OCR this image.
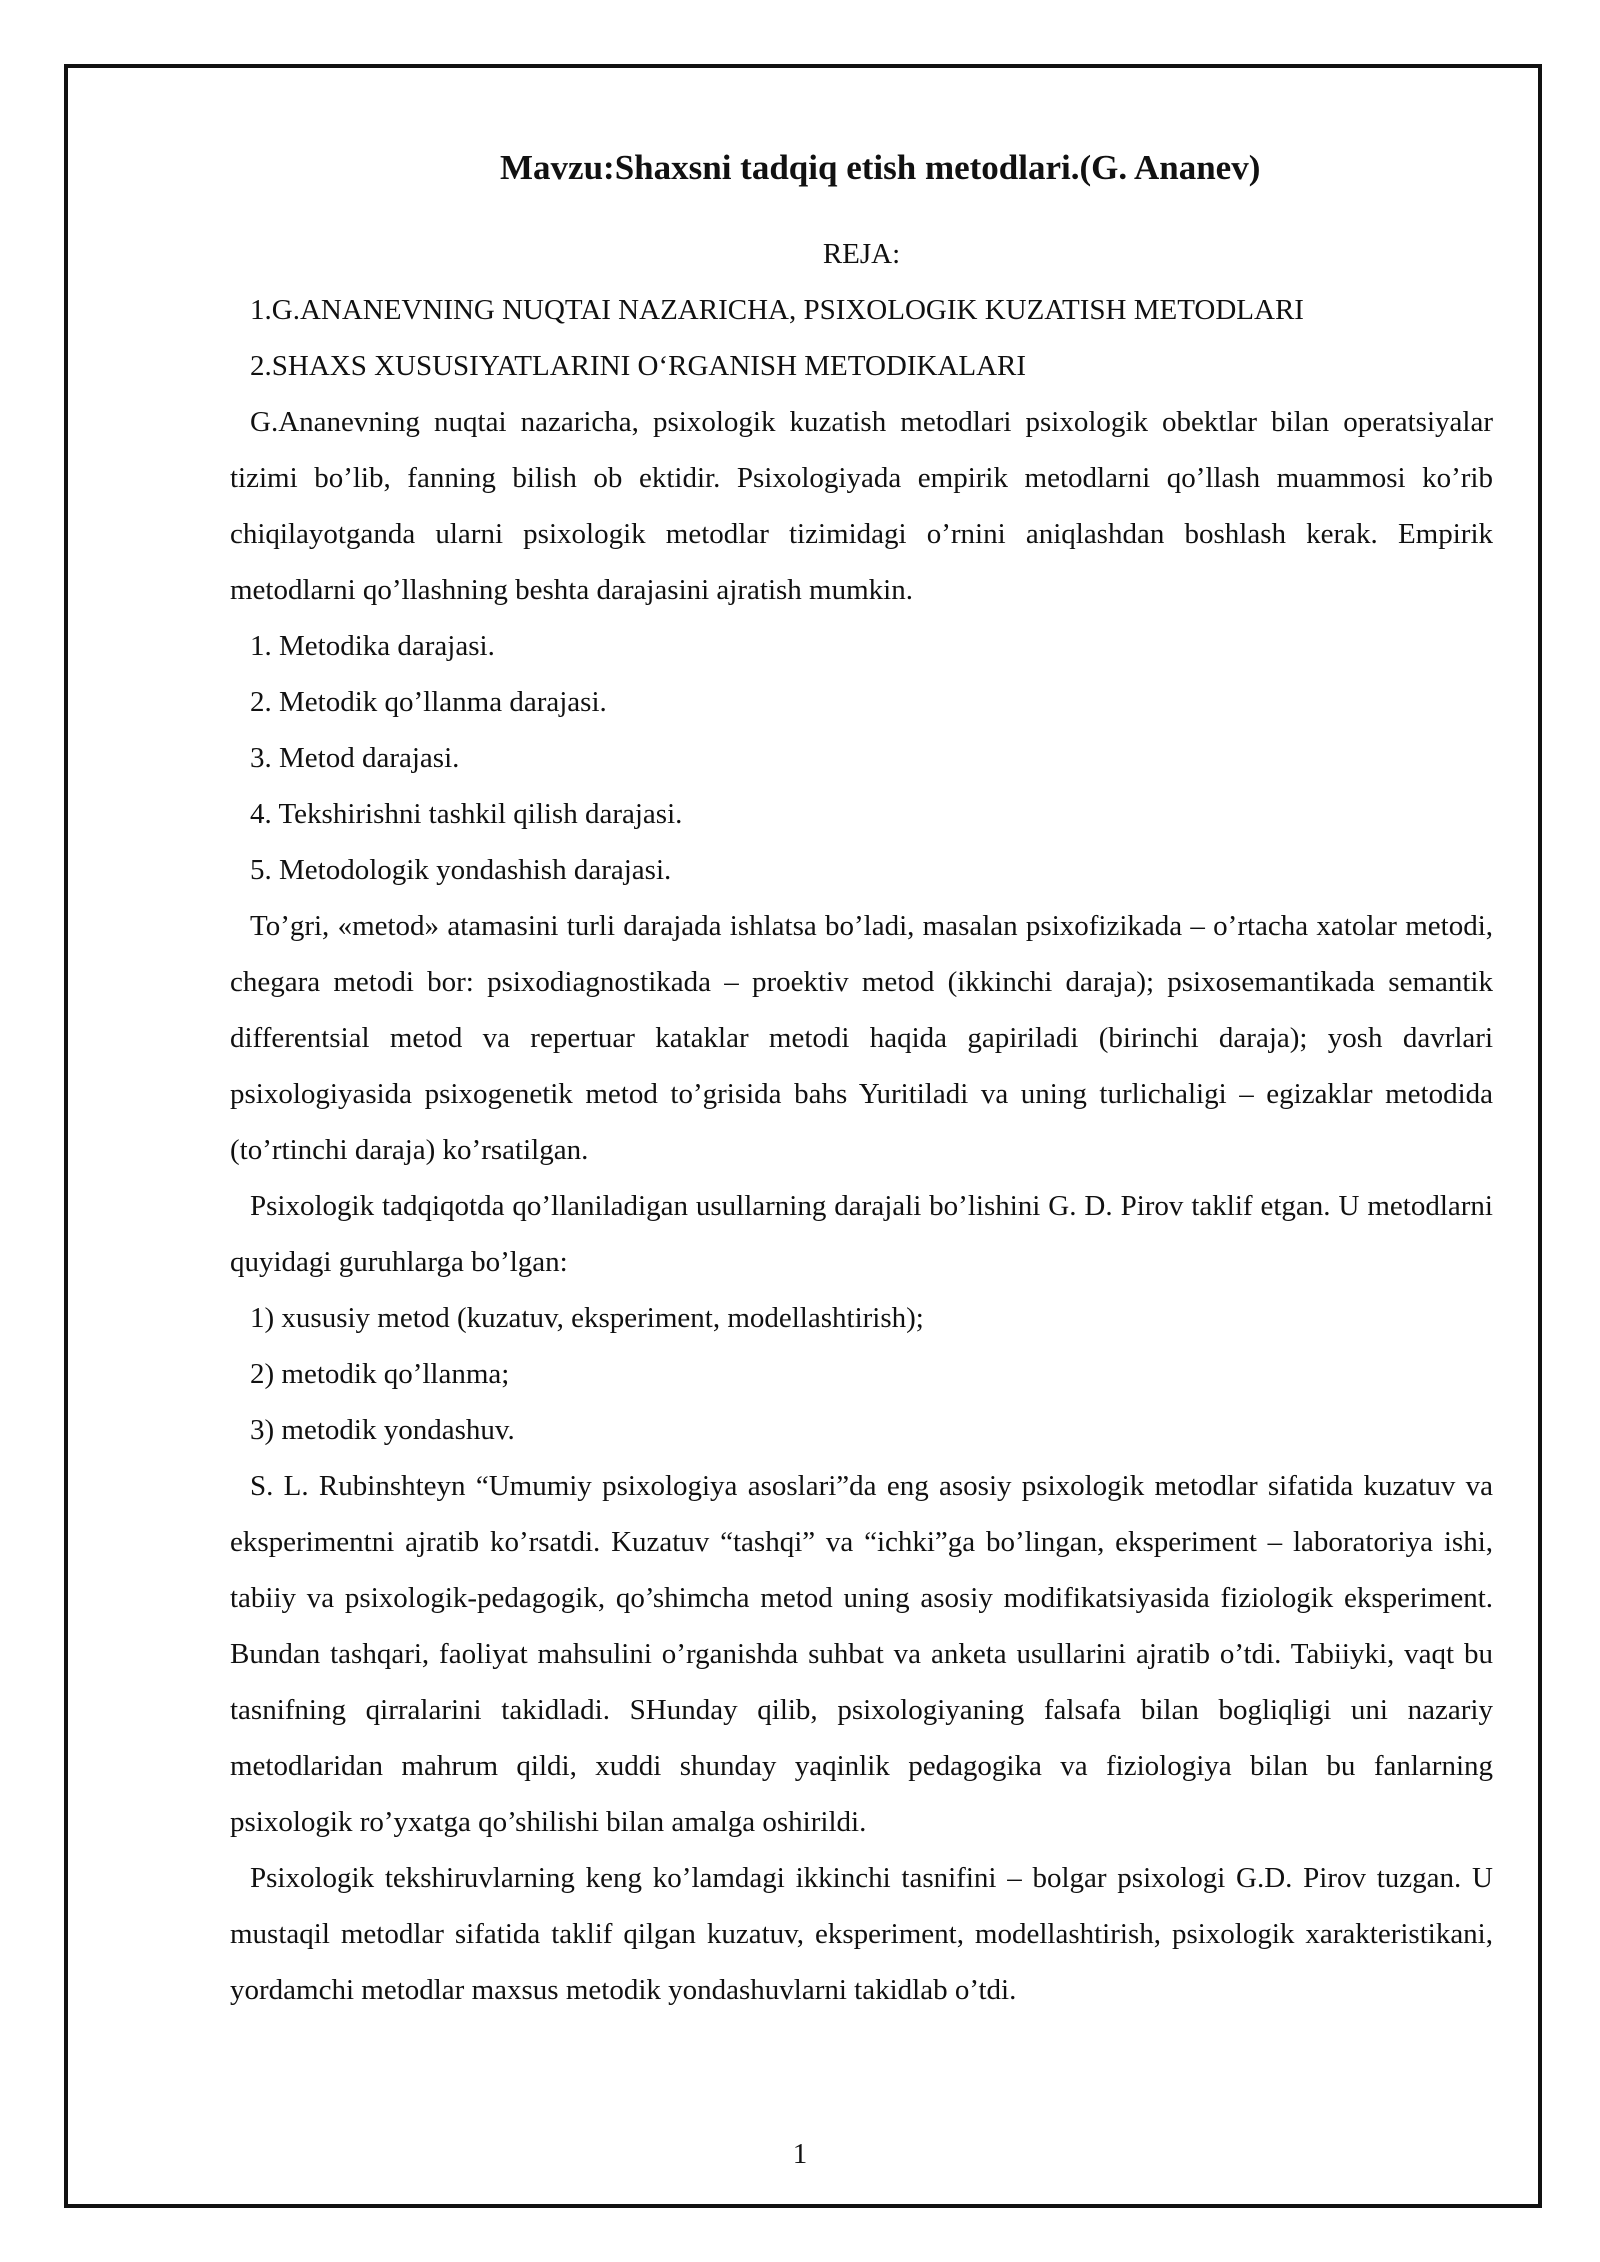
Mavzu:Shaxsni tadqiq etish metodlari.(G. Ananev)

REJA:

1.G.ANANEVNING NUQTAI NAZARICHA, PSIXOLOGIK KUZATISH METODLARI

2.SHAXS XUSUSIYATLARINI O‘RGANISH METODIKALARI

G.Ananevning nuqtai nazaricha, psixologik kuzatish metodlari psixologik obektlar bilan operatsiyalar tizimi bo’lib, fanning bilish ob ektidir. Psixologiyada empirik metodlarni qo’llash muammosi ko’rib chiqilayotganda ularni psixologik metodlar tizimidagi o’rnini aniqlashdan boshlash kerak. Empirik metodlarni qo’llashning beshta darajasini ajratish mumkin.

1. Metodika darajasi.

2. Metodik qo’llanma darajasi.

3. Metod darajasi.

4. Tekshirishni tashkil qilish darajasi.

5. Metodologik yondashish darajasi.

To’gri, «metod» atamasini turli darajada ishlatsa bo’ladi, masalan psixofizikada – o’rtacha xatolar metodi, chegara metodi bor: psixodiagnostikada – proektiv metod (ikkinchi daraja); psixosemantikada semantik differentsial metod va repertuar kataklar metodi haqida gapiriladi (birinchi daraja); yosh davrlari psixologiyasida psixogenetik metod to’grisida bahs Yuritiladi va uning turlichaligi – egizaklar metodida (to’rtinchi daraja) ko’rsatilgan.

Psixologik tadqiqotda qo’llaniladigan usullarning darajali bo’lishini G. D. Pirov taklif etgan. U metodlarni quyidagi guruhlarga bo’lgan:

1) xususiy metod (kuzatuv, eksperiment, modellashtirish);

2) metodik qo’llanma;

3) metodik yondashuv.

S. L. Rubinshteyn “Umumiy psixologiya asoslari”da eng asosiy psixologik metodlar sifatida kuzatuv va eksperimentni ajratib ko’rsatdi. Kuzatuv “tashqi” va “ichki”ga bo’lingan, eksperiment – laboratoriya ishi, tabiiy va psixologik-pedagogik, qo’shimcha metod uning asosiy modifikatsiyasida fiziologik eksperiment. Bundan tashqari, faoliyat mahsulini o’rganishda suhbat va anketa usullarini ajratib o’tdi. Tabiiyki, vaqt bu tasnifning qirralarini takidladi. SHunday qilib, psixologiyaning falsafa bilan bogliqligi uni nazariy metodlaridan mahrum qildi, xuddi shunday yaqinlik pedagogika va fiziologiya bilan bu fanlarning psixologik ro’yxatga qo’shilishi bilan amalga oshirildi.

Psixologik tekshiruvlarning keng ko’lamdagi ikkinchi tasnifini – bolgar psixologi G.D. Pirov tuzgan. U mustaqil metodlar sifatida taklif qilgan kuzatuv, eksperiment, modellashtirish, psixologik xarakteristikani, yordamchi metodlar maxsus metodik yondashuvlarni takidlab o’tdi.

1
